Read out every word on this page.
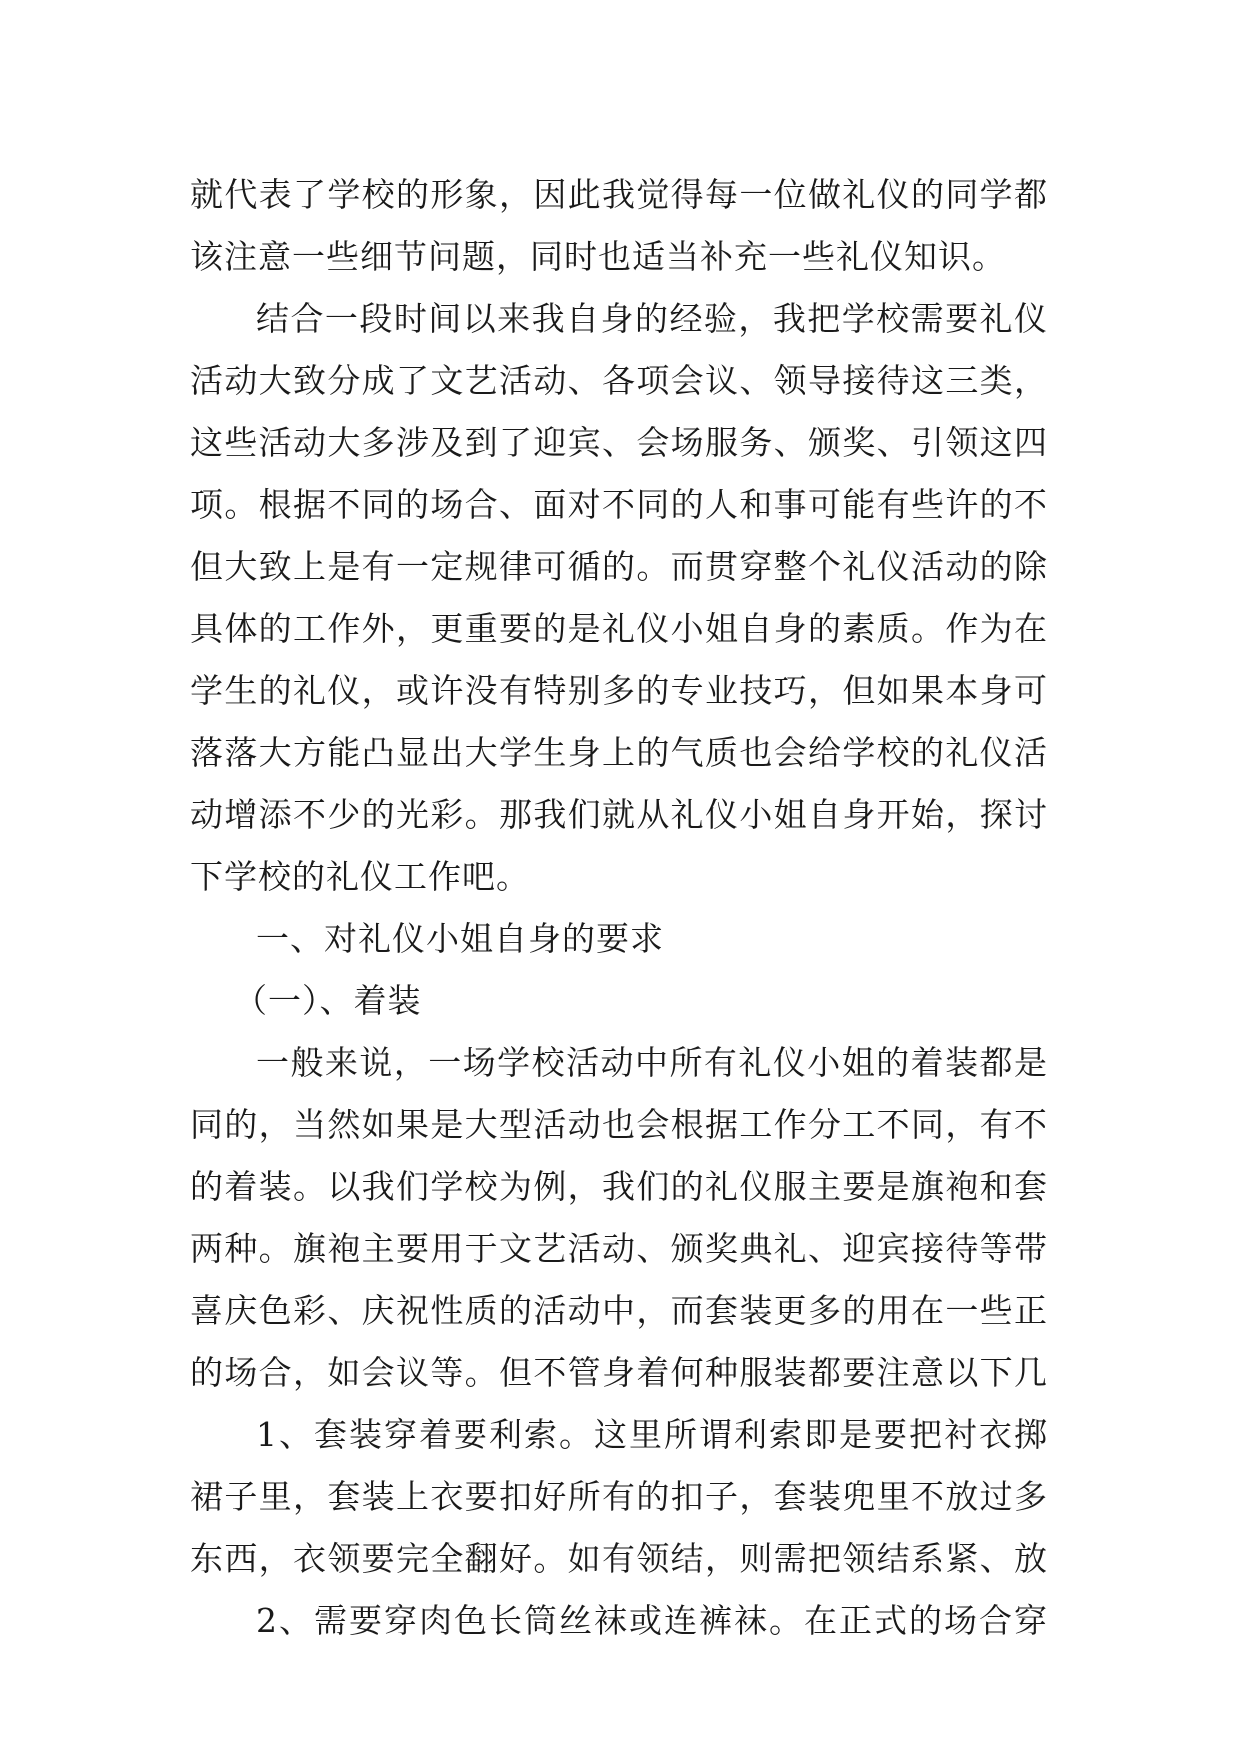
就代表了学校的形象，因此我觉得每一位做礼仪的同学都
该注意一些细节问题，同时也适当补充一些礼仪知识。
结合一段时间以来我自身的经验，我把学校需要礼仪
活动大致分成了文艺活动、各项会议、领导接待这三类，
这些活动大多涉及到了迎宾、会场服务、颁奖、引领这四
项。根据不同的场合、面对不同的人和事可能有些许的不
但大致上是有一定规律可循的。而贯穿整个礼仪活动的除
具体的工作外，更重要的是礼仪小姐自身的素质。作为在
学生的礼仪，或许没有特别多的专业技巧，但如果本身可
落落大方能凸显出大学生身上的气质也会给学校的礼仪活
动增添不少的光彩。那我们就从礼仪小姐自身开始，探讨
下学校的礼仪工作吧。
一、对礼仪小姐自身的要求
（一）、着装
一般来说，一场学校活动中所有礼仪小姐的着装都是
同的，当然如果是大型活动也会根据工作分工不同，有不
的着装。以我们学校为例，我们的礼仪服主要是旗袍和套
两种。旗袍主要用于文艺活动、颁奖典礼、迎宾接待等带
喜庆色彩、庆祝性质的活动中，而套装更多的用在一些正
的场合，如会议等。但不管身着何种服装都要注意以下几
1、套装穿着要利索。这里所谓利索即是要把衬衣掷
裙子里，套装上衣要扣好所有的扣子，套装兜里不放过多
东西，衣领要完全翻好。如有领结，则需把领结系紧、放
2、需要穿肉色长筒丝袜或连裤袜。在正式的场合穿
